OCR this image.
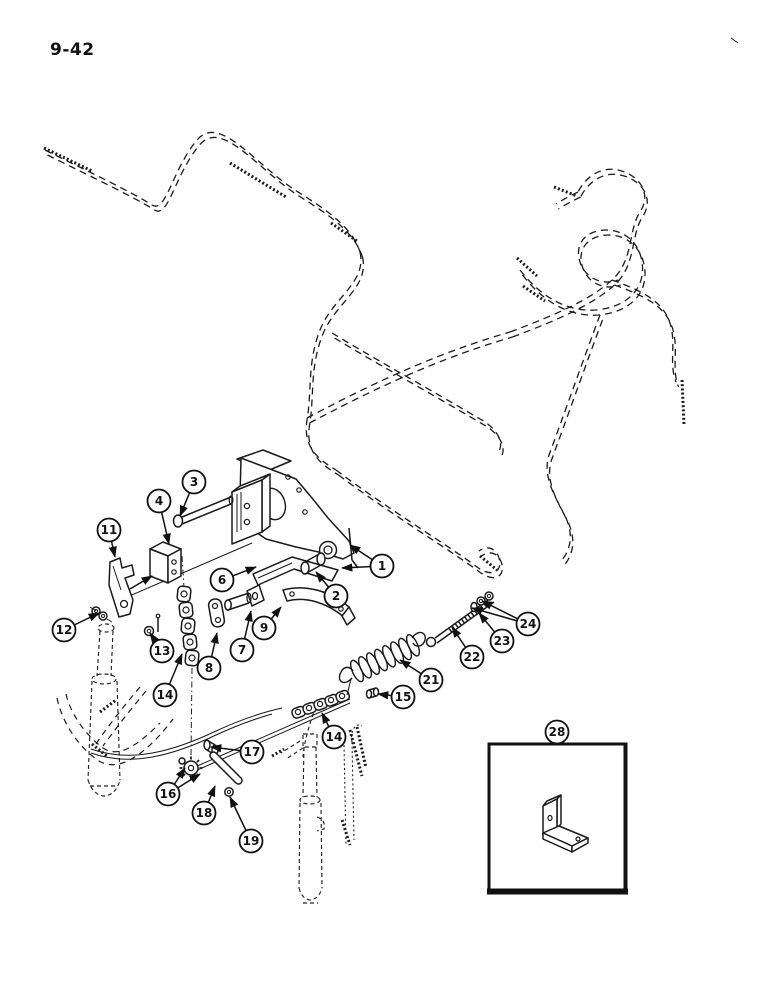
9-42
1
2
3
4
6
7
8
9
11
12
13
14
14
15
16
17
18
19
21
22
23
24
28
